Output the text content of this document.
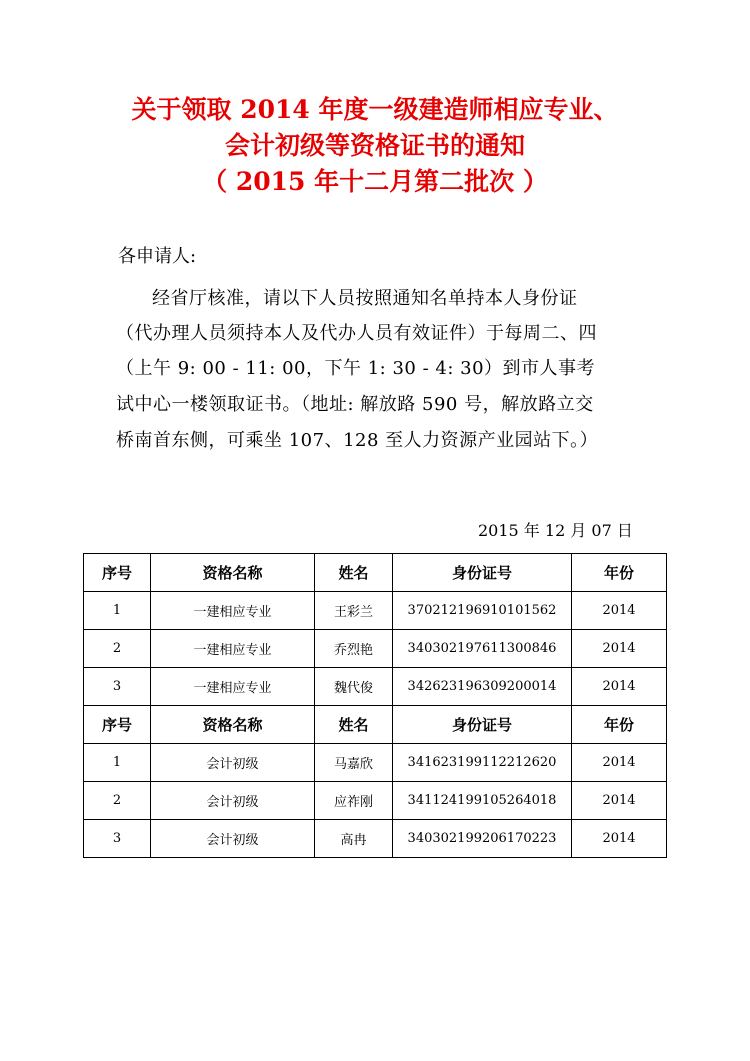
关于领取 2014 年度一级建造师相应专业、
会计初级等资格证书的通知
（ 2015 年十二月第二批次 ）
各申请人:
经省厅核准，请以下人员按照通知名单持本人身份证
（代办理人员须持本人及代办人员有效证件）于每周二、四
（上午 9: 00 - 11: 00，下午 1: 30 - 4: 30）到市人事考
试中心一楼领取证书。（地址: 解放路 590 号，解放路立交
桥南首东侧，可乘坐 107、128 至人力资源产业园站下。）
2015 年 12 月 07 日
序号	资格名称	姓名	身份证号	年份
1	一建相应专业	王彩兰	370212196910101562	2014
2	一建相应专业	乔烈艳	340302197611300846	2014
3	一建相应专业	魏代俊	342623196309200014	2014
序号	资格名称	姓名	身份证号	年份
1	会计初级	马嘉欣	341623199112212620	2014
2	会计初级	应祚刚	341124199105264018	2014
3	会计初级	高冉	340302199206170223	2014
